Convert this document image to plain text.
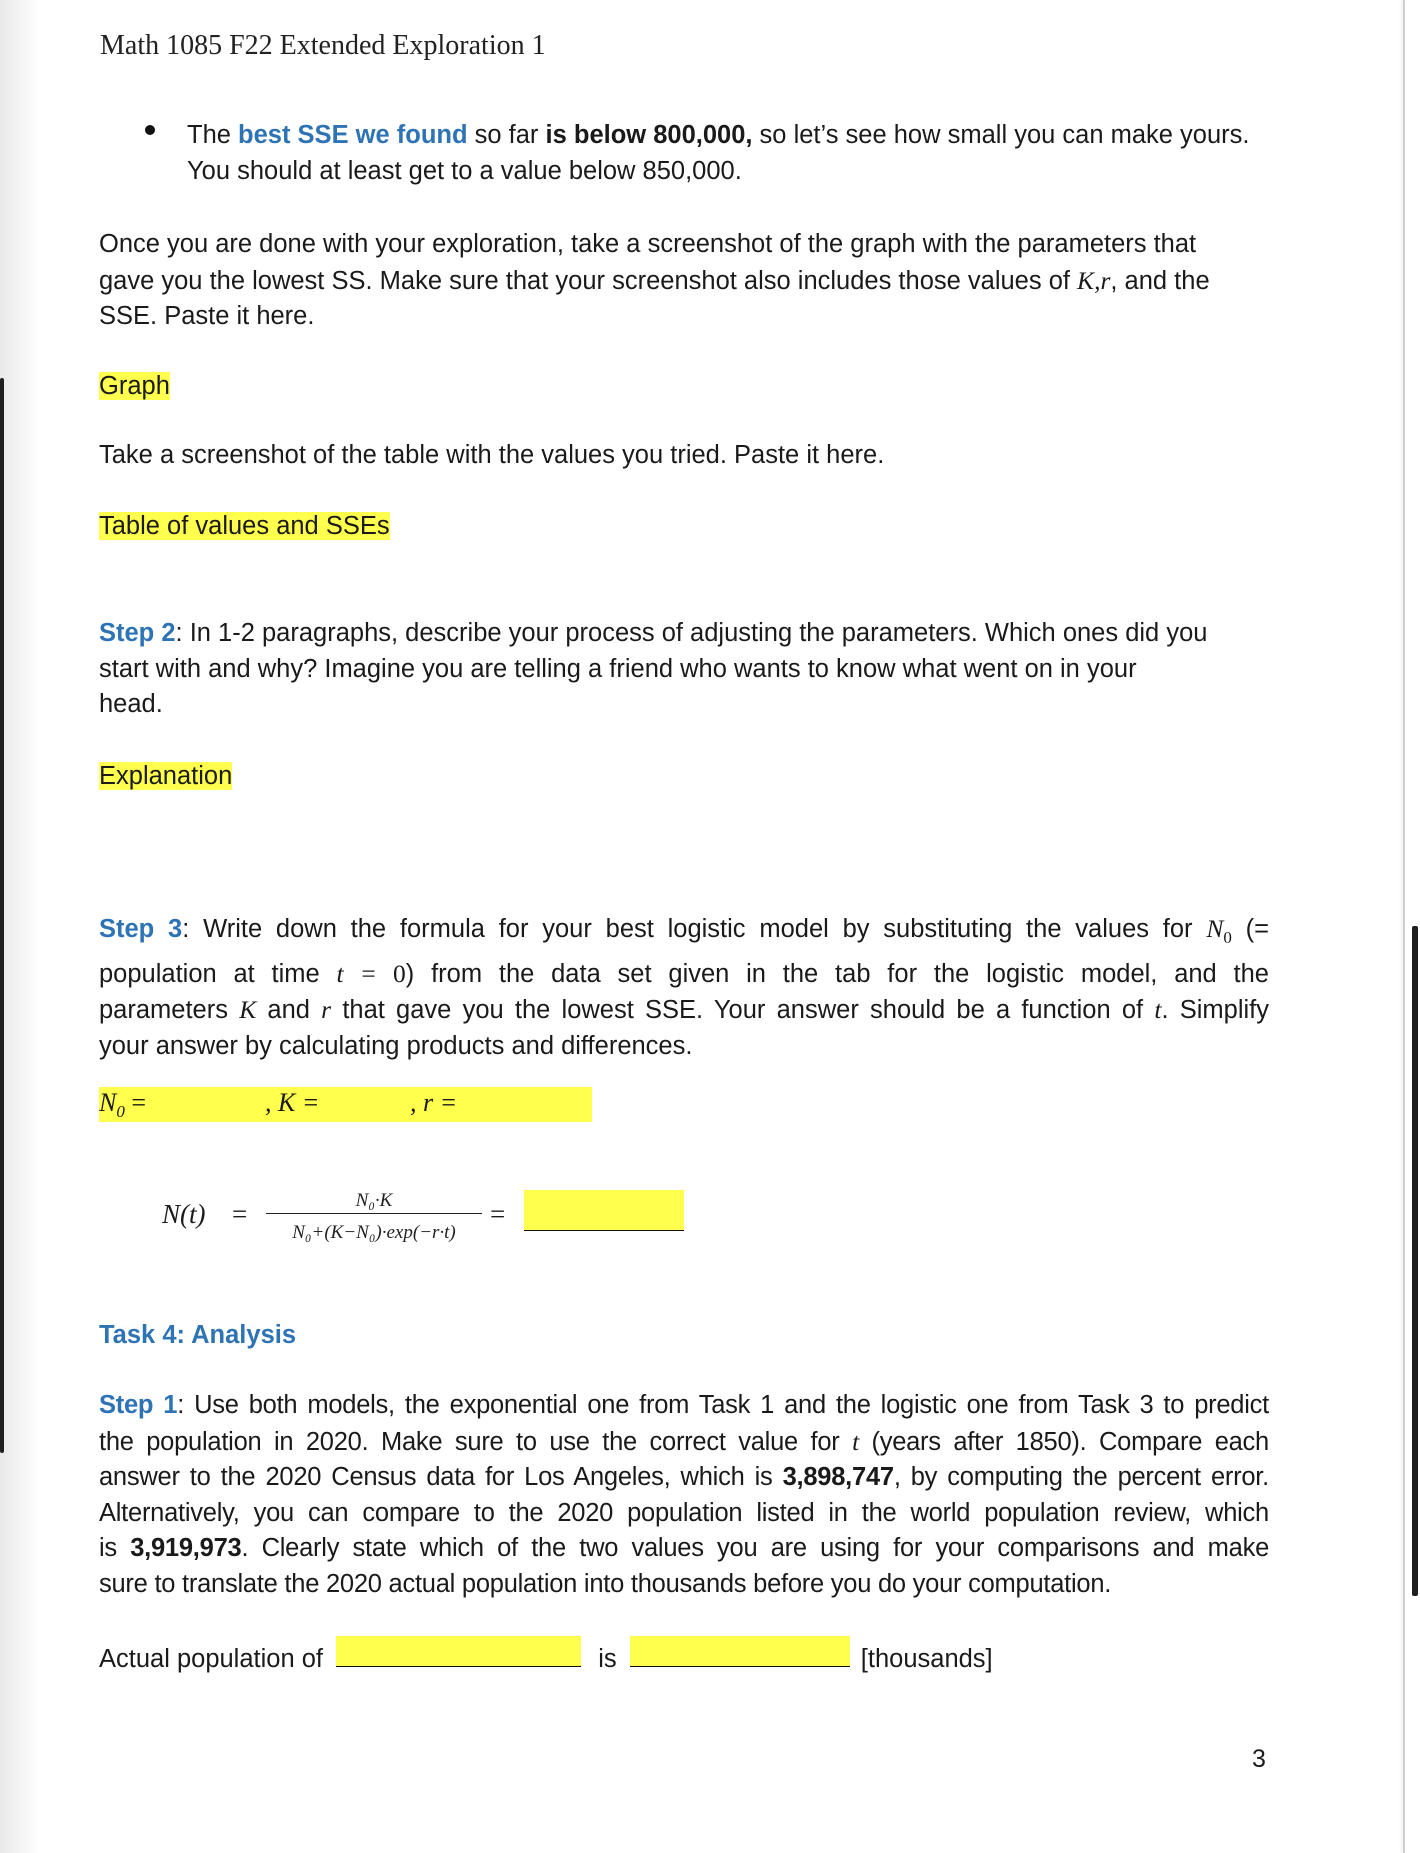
Math 1085 F22 Extended Exploration 1
The best SSE we found so far is below 800,000, so let’s see how small you can make yours.
You should at least get to a value below 850,000.
Once you are done with your exploration, take a screenshot of the graph with the parameters that
gave you the lowest SS. Make sure that your screenshot also includes those values of K,r, and the
SSE. Paste it here.
Graph
Take a screenshot of the table with the values you tried. Paste it here.
Table of values and SSEs
Step 2: In 1-2 paragraphs, describe your process of adjusting the parameters. Which ones did you
start with and why? Imagine you are telling a friend who wants to know what went on in your
head.
Explanation
Step 3: Write down the formula for your best logistic model by substituting the values for $N_0$ (=
population at time t = 0) from the data set given in the tab for the logistic model, and the
parameters K and r that gave you the lowest SSE. Your answer should be a function of t. Simplify
your answer by calculating products and differences.
$N_0$ =	, K =	, r =
N(t) =	N₀·K
N₀+(K−N₀)·exp(−r·t)
=
Task 4: Analysis
Step 1: Use both models, the exponential one from Task 1 and the logistic one from Task 3 to predict
the population in 2020. Make sure to use the correct value for t (years after 1850). Compare each
answer to the 2020 Census data for Los Angeles, which is 3,898,747, by computing the percent error.
Alternatively, you can compare to the 2020 population listed in the world population review, which
is 3,919,973. Clearly state which of the two values you are using for your comparisons and make
sure to translate the 2020 actual population into thousands before you do your computation.
Actual population of	is	[thousands]
3
